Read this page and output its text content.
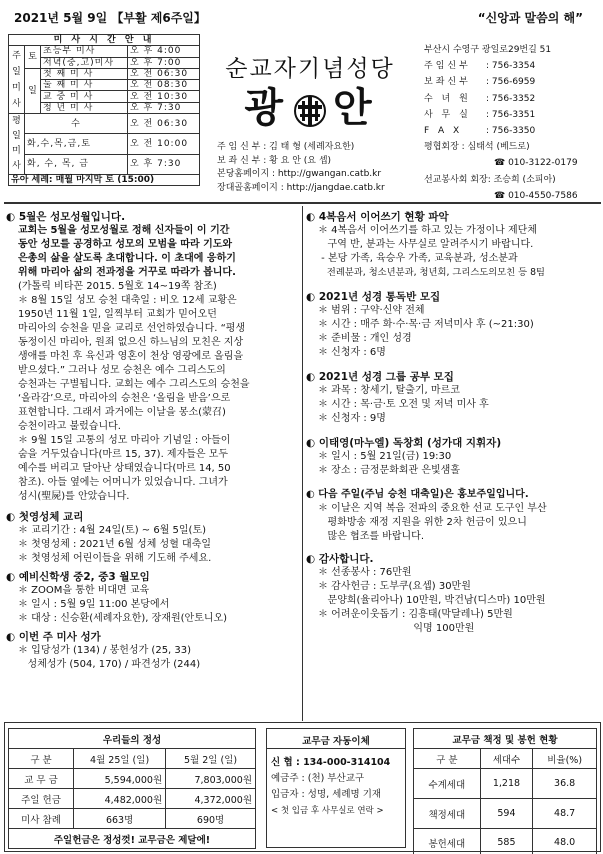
2021년 5월 9일 【부활 제6주일】	“신앙과 말씀의 해”
미 사 시 간 안 내			
주일미사	토	초등부 미사	오 후 4:00
		저녁(중,고)미사	오 후 7:00
	일	첫 째 미 사	오 전 06:30
		둘 째 미 사	오 전 08:30
		교 중 미 사	오 전 10:30
		청 년 미 사	오 후 7:30
평일미사	수		오 전 06:30
	화,수,목,금,토		오 전 10:00
	화, 수, 목, 금		오 후 7:30
유아 세례: 매월 마지막 토 (15:00)			
순교자기념성당
광 안
주 임 신 부 : 김 태 형 (세례자요한)
보 좌 신 부 : 황 요 안 (요 셉)
본당홈페이지 : http://gwangan.catb.kr
장대골홈페이지 : http://jangdae.catb.kr
부산시 수영구 광일로29번길 51
주임신부 : 756-3354
보좌신부 : 756-6959
수 녀 원 : 756-3352
사 무 실 : 756-3351
F A X	: 756-3350
평협회장 : 심태석 (베드로)
☎ 010-3122-0179
선교봉사회 회장: 조승희 (소피아)
☎ 010-4550-7586
◐ 5월은 성모성월입니다.
교회는 5월을 성모성월로 정해 신자들이 이 기간
동안 성모를 공경하고 성모의 모범을 따라 기도와
은총의 삶을 살도록 초대합니다. 이 초대에 응하기
위해 마리아 삶의 전과정을 거꾸로 따라가 봅니다.
(가톨릭 비타꼰 2015. 5월호 14~19쪽 참조)
＊ 8월 15일 성모 승천 대축일 : 비오 12세 교황은
1950년 11월 1일, 일찍부터 교회가 믿어오던
마리아의 승천을 믿을 교리로 선언하였습니다. “평생
동정이신 마리아, 원죄 없으신 하느님의 모친은 지상
생애를 마친 후 육신과 영혼이 천상 영광에로 올림을
받으셨다.” 그러나 성모 승천은 예수 그리스도의
승천과는 구별됩니다. 교회는 예수 그리스도의 승천을
‘올라감’으로, 마리아의 승천은 ‘올림을 받음’으로
표현합니다. 그래서 과거에는 이날을 몽소(蒙召)
승천이라고 불렀습니다.
＊ 9월 15일 고통의 성모 마리아 기념일 : 아들이
숨을 거두었습니다(마르 15, 37). 제자들은 모두
예수를 버리고 달아난 상태였습니다(마르 14, 50
참조). 아들 옆에는 어머니가 있었습니다. 그녀가
성시(聖屍)를 안았습니다.
◐ 첫영성체 교리
＊ 교리기간 : 4월 24일(토) ~ 6월 5일(토)
＊ 첫영성체 : 2021년 6월 성체 성혈 대축일
＊ 첫영성체 어린이들을 위해 기도해 주세요.
◐ 예비신학생 중2, 중3 월모임
＊ ZOOM을 통한 비대면 교육
＊ 일시 : 5월 9일 11:00 본당에서
＊ 대상 : 신승환(세례자요한), 장재원(안토니오)
◐ 이번 주 미사 성가
＊ 입당성가 (134) / 봉헌성가 (25, 33)
성체성가 (504, 170) / 파견성가 (244)
◐ 4복음서 이어쓰기 현황 파악
＊ 4복음서 이어쓰기를 하고 있는 가정이나 제단체
구역 반, 분과는 사무실로 알려주시기 바랍니다.
- 본당 가족, 육승우 가족, 교육분과, 성소분과
전례분과, 청소년분과, 청년회, 그리스도의모친 등 8팀
◐ 2021년 성경 통독반 모집
＊ 범위 : 구약·신약 전체
＊ 시간 : 매주 화·수·목·금 저녁미사 후 (~21:30)
＊ 준비물 : 개인 성경
＊ 신청자 : 6명
◐ 2021년 성경 그룹 공부 모집
＊ 과목 : 창세기, 탈출기, 마르코
＊ 시간 : 목·금·토 오전 및 저녁 미사 후
＊ 신청자 : 9명
◐ 이태영(마누엘) 독창회 (성가대 지휘자)
＊ 일시 : 5월 21일(금) 19:30
＊ 장소 : 금정문화회관 은빛샘홀
◐ 다음 주일(주님 승천 대축일)은 홍보주일입니다.
＊ 이날은 지역 복음 전파의 중요한 선교 도구인 부산
평화방송 재정 지원을 위한 2차 헌금이 있으니
많은 협조를 바랍니다.
◐ 감사합니다.
＊ 선종봉사 : 76만원
＊ 감사헌금 : 도부쿠(요셉) 30만원
문양희(율리아나) 10만원, 박건남(디스마) 10만원
＊ 어려운이웃돕기 : 김흥태(막달레나) 5만원
익명 100만원
우리들의 정성		
구 분	4월 25일 (일)	5월 2일 (일)
교 무 금	5,594,000원	7,803,000원
주일 헌금	4,482,000원	4,372,000원
미사 참례	663명	690명
주일헌금은 정성껏! 교무금은 제달에!		
교무금 자동이체
신 협 : 134-000-314104
예금주 : (천) 부산교구
입금자 : 성명, 세례명 기재
< 첫 입금 후 사무실로 연락 >
교무금 책정 및 봉헌 현황		
구 분	세대수	비율(%)
수계세대	1,218	36.8
책정세대	594	48.7
봉헌세대	585	48.0
